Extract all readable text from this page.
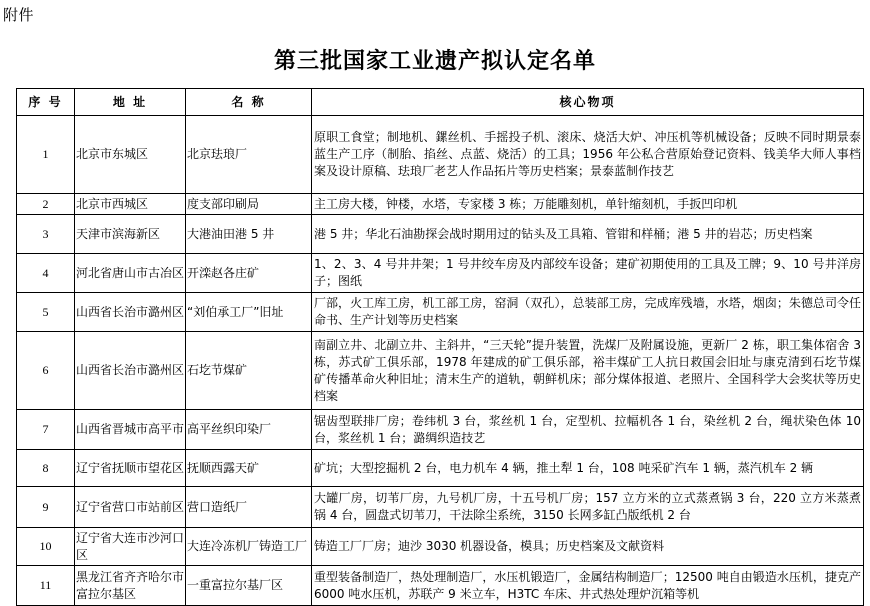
附件
第三批国家工业遗产拟认定名单
序 号	地 址	名 称	核心物项
1	北京市东城区	北京珐琅厂	原职工食堂；制地机、鏍丝机、手摇投子机、滚床、烧活大炉、冲压机等机械设备；反映不同时期景泰蓝生产工序（制胎、掐丝、点蓝、烧活）的工具；1956 年公私合营原始登记资料、钱美华大师人事档案及设计原稿、珐琅厂老艺人作品拓片等历史档案；景泰蓝制作技艺
2	北京市西城区	度支部印刷局	主工房大楼，钟楼，水塔，专家楼 3 栋；万能雕刻机，单针缩刻机，手扳凹印机
3	天津市滨海新区	大港油田港 5 井	港 5 井；华北石油勘探会战时期用过的钻头及工具箱、管钳和样桶；港 5 井的岩芯；历史档案
4	河北省唐山市古冶区	开滦赵各庄矿	1、2、3、4 号井井架；1 号井绞车房及内部绞车设备；建矿初期使用的工具及工牌；9、10 号井洋房子；图纸
5	山西省长治市潞州区	“刘伯承工厂”旧址	厂部，火工库工房，机工部工房，窑洞（双孔），总装部工房，完成库残墙，水塔，烟囱；朱德总司令任命书、生产计划等历史档案
6	山西省长治市潞州区	石圪节煤矿	南副立井、北副立井、主斜井，“三天轮”提升装置，洗煤厂及附属设施，更新厂 2 栋，职工集体宿舍 3 栋，苏式矿工俱乐部，1978 年建成的矿工俱乐部，裕丰煤矿工人抗日救国会旧址与康克清到石圪节煤矿传播革命火种旧址；清末生产的道轨，朝鲜机床；部分煤体报道、老照片、全国科学大会奖状等历史档案
7	山西省晋城市高平市	高平丝织印染厂	锯齿型联排厂房；卷纬机 3 台，浆丝机 1 台，定型机、拉幅机各 1 台，染丝机 2 台，绳状染色体 10 台，浆丝机 1 台；潞绸织造技艺
8	辽宁省抚顺市望花区	抚顺西露天矿	矿坑；大型挖掘机 2 台，电力机车 4 辆，推土犁 1 台，108 吨采矿汽车 1 辆，蒸汽机车 2 辆
9	辽宁省营口市站前区	营口造纸厂	大罐厂房，切苇厂房，九号机厂房，十五号机厂房；157 立方米的立式蒸煮锅 3 台，220 立方米蒸煮锅 4 台，圆盘式切苇刀，干法除尘系统，3150 长网多缸凸版纸机 2 台
10	辽宁省大连市沙河口区	大连冷冻机厂铸造工厂	铸造工厂厂房；迪沙 3030 机器设备，模具；历史档案及文献资料
11	黑龙江省齐齐哈尔市富拉尔基区	一重富拉尔基厂区	重型装备制造厂，热处理制造厂，水压机锻造厂，金属结构制造厂；12500 吨自由锻造水压机，捷克产 6000 吨水压机，苏联产 9 米立车，H3TC 车床、井式热处理炉沉箱等机
